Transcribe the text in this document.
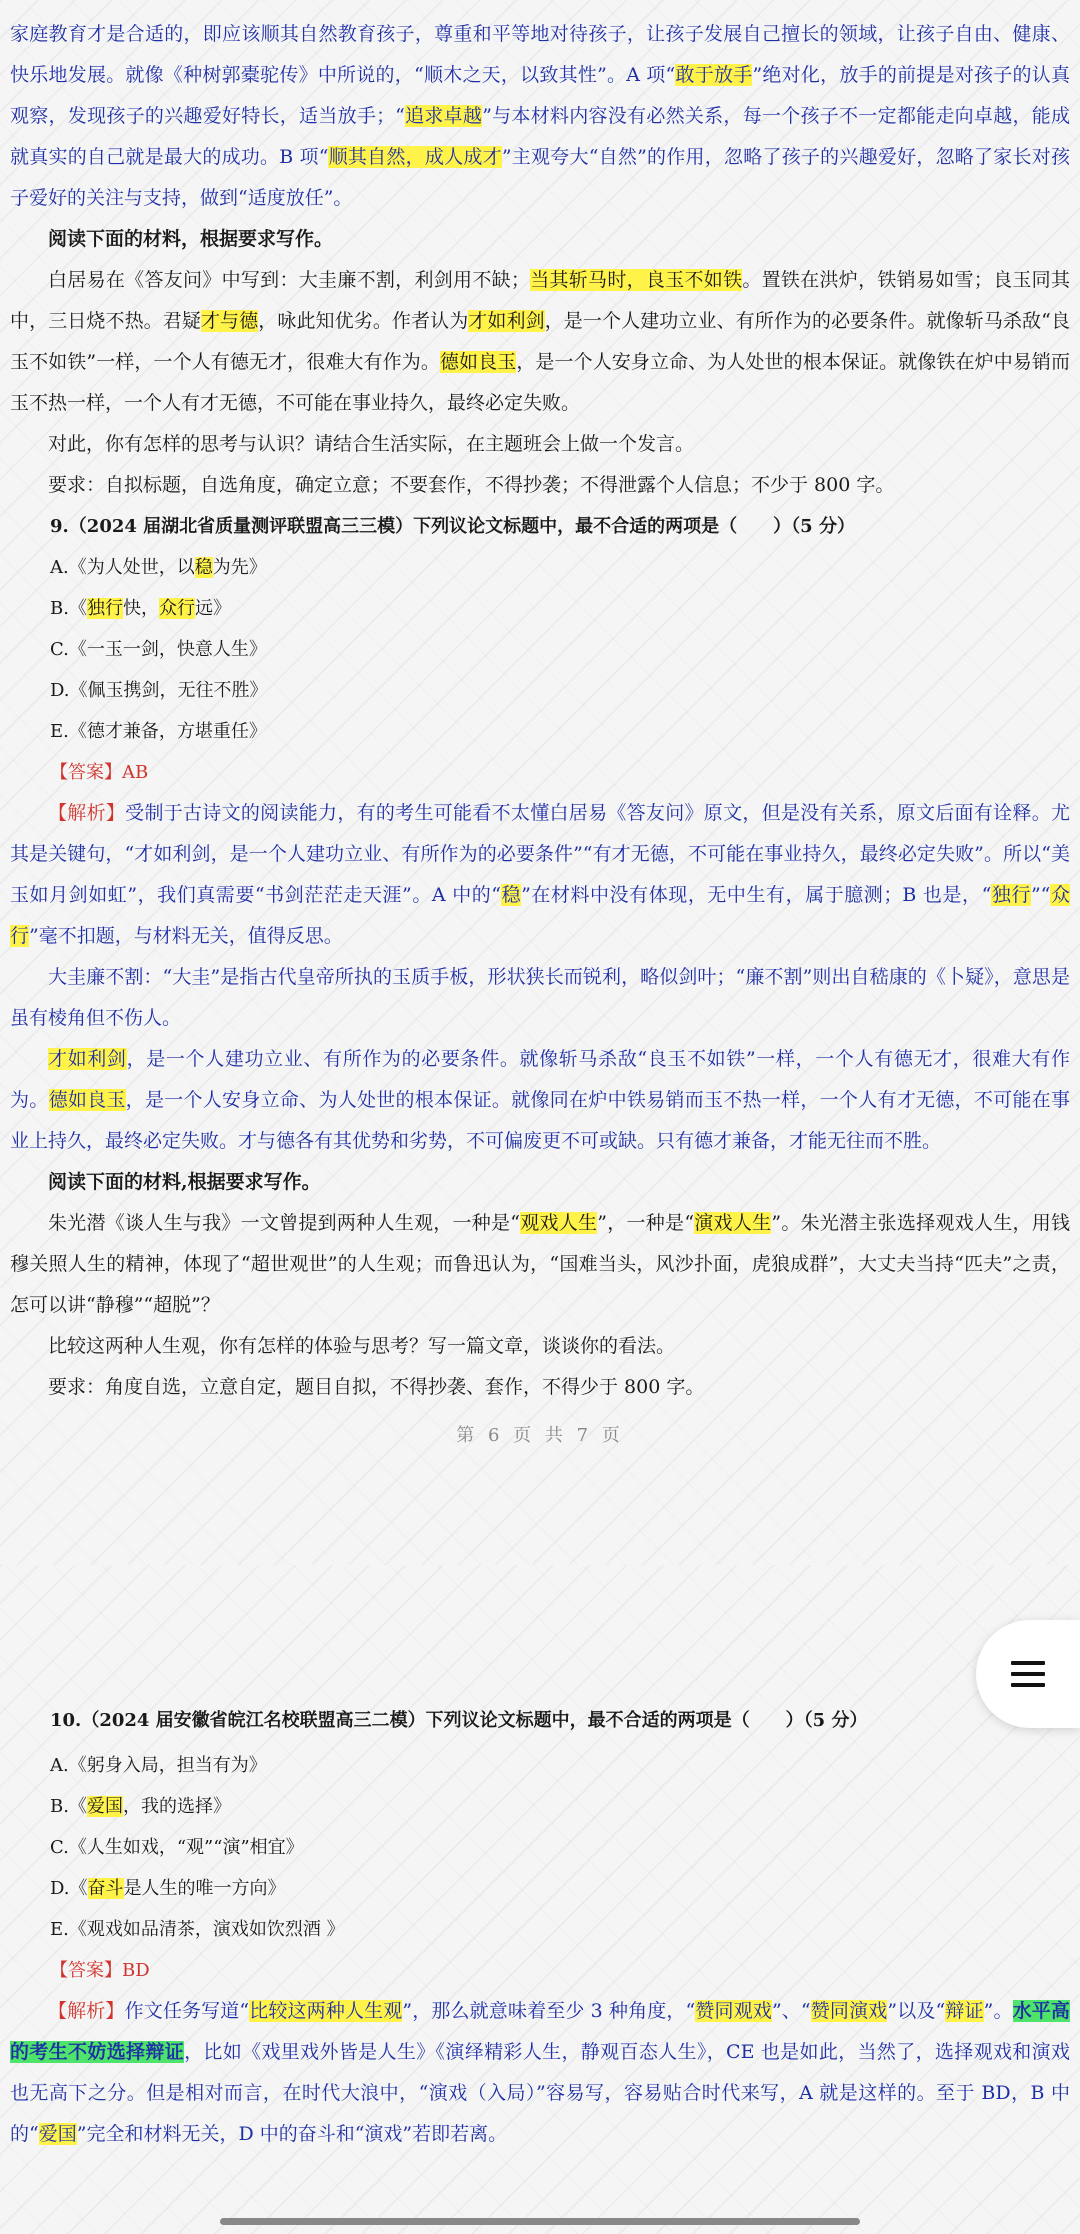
家庭教育才是合适的，即应该顺其自然教育孩子，尊重和平等地对待孩子，让孩子发展自己擅长的领域，让孩子自由、健康、快乐地发展。就像《种树郭橐驼传》中所说的，“顺木之天，以致其性”。A 项“敢于放手”绝对化，放手的前提是对孩子的认真观察，发现孩子的兴趣爱好特长，适当放手；“追求卓越”与本材料内容没有必然关系，每一个孩子不一定都能走向卓越，能成就真实的自己就是最大的成功。B 项“顺其自然，成人成才”主观夸大“自然”的作用，忽略了孩子的兴趣爱好，忽略了家长对孩子爱好的关注与支持，做到“适度放任”。

阅读下面的材料，根据要求写作。

白居易在《答友问》中写到：大圭廉不割，利剑用不缺；当其斩马时，良玉不如铁。置铁在洪炉，铁销易如雪；良玉同其中，三日烧不热。君疑才与德，咏此知优劣。作者认为才如利剑，是一个人建功立业、有所作为的必要条件。就像斩马杀敌“良玉不如铁”一样，一个人有德无才，很难大有作为。德如良玉，是一个人安身立命、为人处世的根本保证。就像铁在炉中易销而玉不热一样，一个人有才无德，不可能在事业持久，最终必定失败。

对此，你有怎样的思考与认识？请结合生活实际，在主题班会上做一个发言。

要求：自拟标题，自选角度，确定立意；不要套作，不得抄袭；不得泄露个人信息；不少于 800 字。

9.（2024 届湖北省质量测评联盟高三三模）下列议论文标题中，最不合适的两项是（　　）（5 分）
A.《为人处世，以稳为先》
B.《独行快，众行远》
C.《一玉一剑，快意人生》
D.《佩玉携剑，无往不胜》
E.《德才兼备，方堪重任》
【答案】AB

【解析】受制于古诗文的阅读能力，有的考生可能看不太懂白居易《答友问》原文，但是没有关系，原文后面有诠释。尤其是关键句，“才如利剑，是一个人建功立业、有所作为的必要条件”“有才无德，不可能在事业持久，最终必定失败”。所以“美玉如月剑如虹”，我们真需要“书剑茫茫走天涯”。A 中的“稳”在材料中没有体现，无中生有，属于臆测；B 也是，“独行”“众行”毫不扣题，与材料无关，值得反思。

大圭廉不割：“大圭”是指古代皇帝所执的玉质手板，形状狭长而锐利，略似剑叶；“廉不割”则出自嵇康的《卜疑》，意思是虽有棱角但不伤人。

才如利剑，是一个人建功立业、有所作为的必要条件。就像斩马杀敌“良玉不如铁”一样，一个人有德无才，很难大有作为。德如良玉，是一个人安身立命、为人处世的根本保证。就像同在炉中铁易销而玉不热一样，一个人有才无德，不可能在事业上持久，最终必定失败。才与德各有其优势和劣势，不可偏废更不可或缺。只有德才兼备，才能无往而不胜。

阅读下面的材料,根据要求写作。

朱光潜《谈人生与我》一文曾提到两种人生观，一种是“观戏人生”，一种是“演戏人生”。朱光潜主张选择观戏人生，用钱穆关照人生的精神，体现了“超世观世”的人生观；而鲁迅认为，“国难当头，风沙扑面，虎狼成群”，大丈夫当持“匹夫”之责，怎可以讲“静穆”“超脱”？

比较这两种人生观，你有怎样的体验与思考？写一篇文章，谈谈你的看法。

要求：角度自选，立意自定，题目自拟，不得抄袭、套作，不得少于 800 字。

第 6 页 共 7 页
10.（2024 届安徽省皖江名校联盟高三二模）下列议论文标题中，最不合适的两项是（　　）（5 分）
A.《躬身入局，担当有为》
B.《爱国，我的选择》
C.《人生如戏，“观”“演”相宜》
D.《奋斗是人生的唯一方向》
E.《观戏如品清茶，演戏如饮烈酒 》
【答案】BD

【解析】作文任务写道“比较这两种人生观”，那么就意味着至少 3 种角度，“赞同观戏”、“赞同演戏”以及“辩证”。水平高的考生不妨选择辩证，比如《戏里戏外皆是人生》《演绎精彩人生，静观百态人生》，CE 也是如此，当然了，选择观戏和演戏也无高下之分。但是相对而言，在时代大浪中，“演戏（入局）”容易写，容易贴合时代来写，A 就是这样的。至于 BD，B 中的“爱国”完全和材料无关，D 中的奋斗和“演戏”若即若离。
